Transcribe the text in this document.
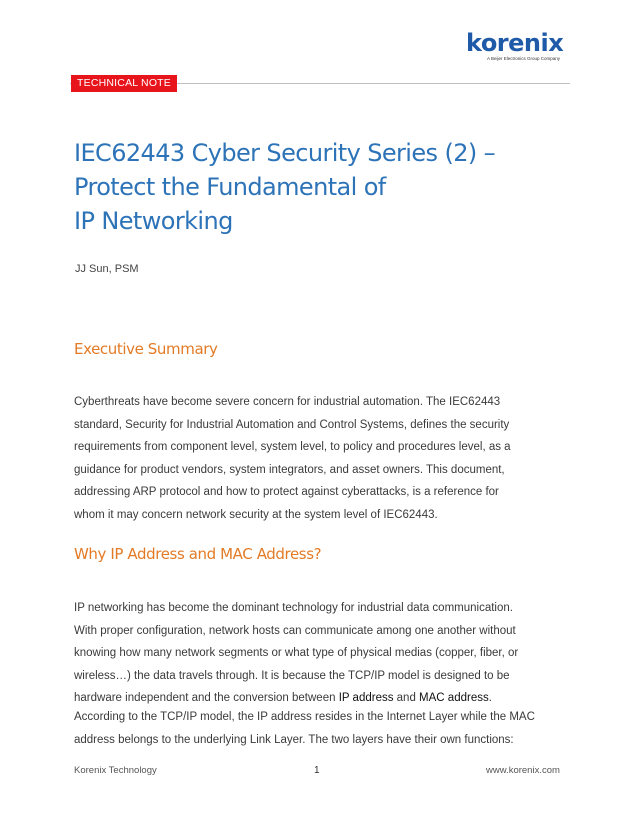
korenix
A Beijer Electronics Group Company
TECHNICAL NOTE
IEC62443 Cyber Security Series (2) –
Protect the Fundamental of
IP Networking
JJ Sun, PSM
Executive Summary

Cyberthreats have become severe concern for industrial automation. The IEC62443
standard, Security for Industrial Automation and Control Systems, defines the security
requirements from component level, system level, to policy and procedures level, as a
guidance for product vendors, system integrators, and asset owners. This document,
addressing ARP protocol and how to protect against cyberattacks, is a reference for
whom it may concern network security at the system level of IEC62443.

Why IP Address and MAC Address?

IP networking has become the dominant technology for industrial data communication.
With proper configuration, network hosts can communicate among one another without
knowing how many network segments or what type of physical medias (copper, fiber, or
wireless…) the data travels through. It is because the TCP/IP model is designed to be
hardware independent and the conversion between IP address and MAC address.

According to the TCP/IP model, the IP address resides in the Internet Layer while the MAC
address belongs to the underlying Link Layer. The two layers have their own functions:

Korenix Technology	1	www.korenix.com
